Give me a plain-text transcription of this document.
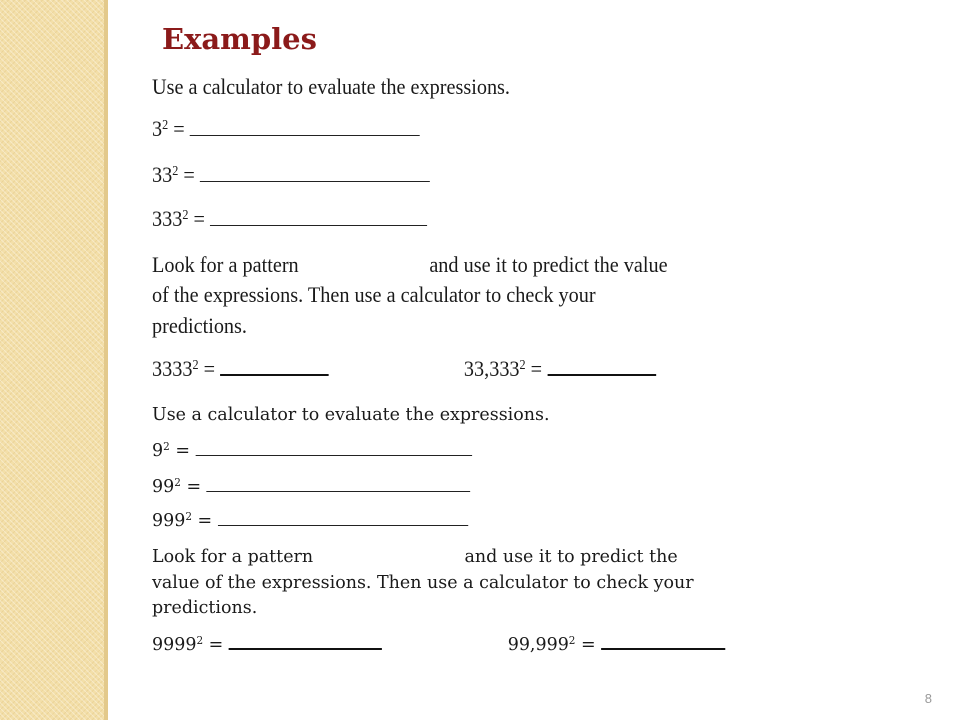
Examples
Use a calculator to evaluate the expressions.
$3^2$ =
$33^2$ =
$333^2$ =
Look for a pattern	and use it to predict the value
of the expressions. Then use a calculator to check your
predictions.
$3333^2$ =	$33,333^2$ =
Use a calculator to evaluate the expressions.
$9^2$ =
$99^2$ =
$999^2$ =
Look for a pattern	and use it to predict the
value of the expressions. Then use a calculator to check your
predictions.
$9999^2$ =	$99,999^2$ =
8
